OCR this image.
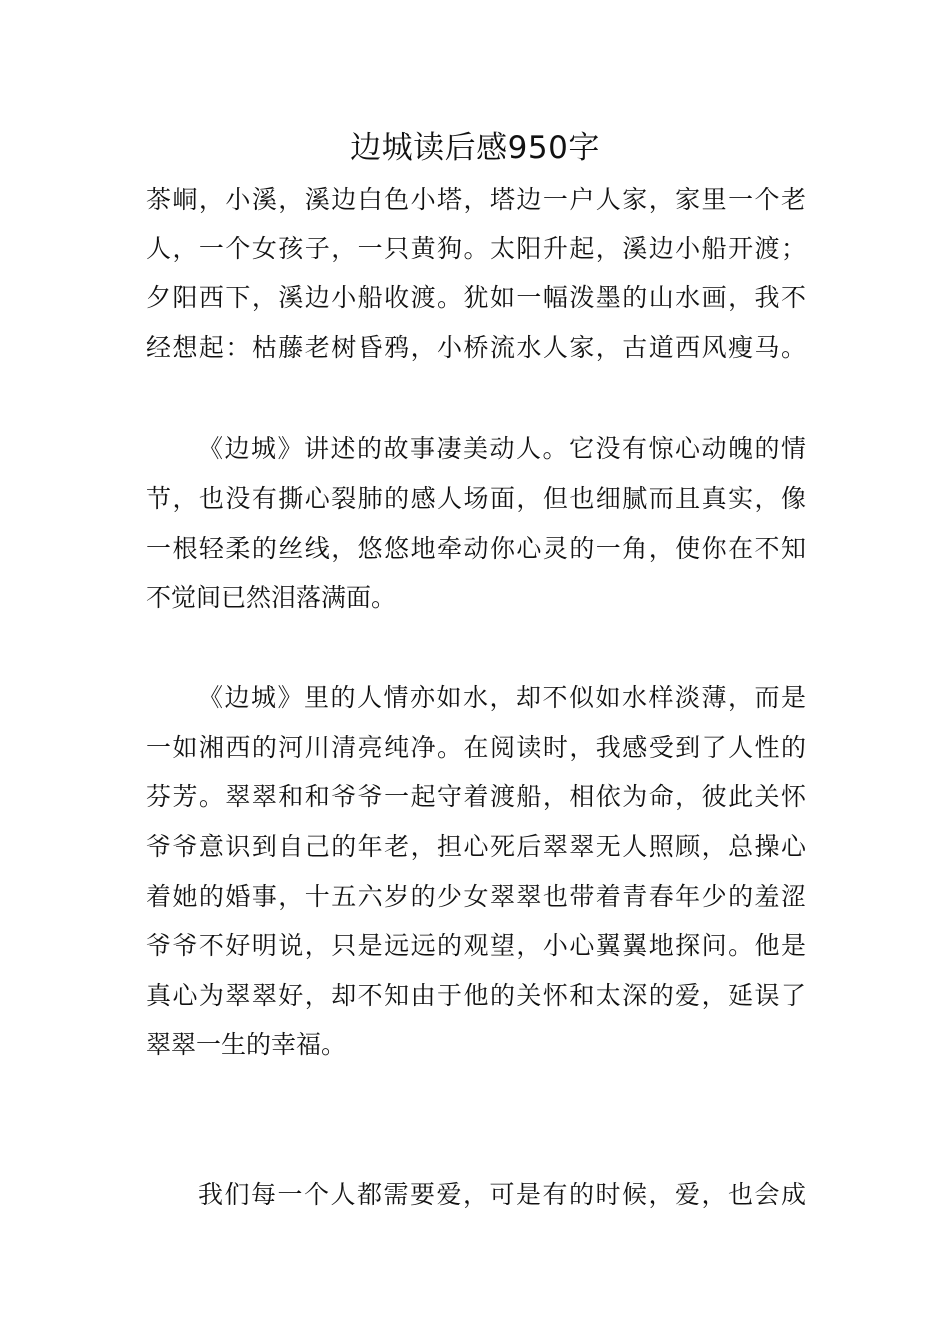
边城读后感950字

茶峒，小溪，溪边白色小塔，塔边一户人家，家里一个老

人，一个女孩子，一只黄狗。太阳升起，溪边小船开渡；

夕阳西下，溪边小船收渡。犹如一幅泼墨的山水画，我不

经想起：枯藤老树昏鸦，小桥流水人家，古道西风瘦马。

《边城》讲述的故事凄美动人。它没有惊心动魄的情

节，也没有撕心裂肺的感人场面，但也细腻而且真实，像

一根轻柔的丝线，悠悠地牵动你心灵的一角，使你在不知

不觉间已然泪落满面。

《边城》里的人情亦如水，却不似如水样淡薄，而是

一如湘西的河川清亮纯净。在阅读时，我感受到了人性的

芬芳。翠翠和和爷爷一起守着渡船，相依为命，彼此关怀

爷爷意识到自己的年老，担心死后翠翠无人照顾，总操心

着她的婚事，十五六岁的少女翠翠也带着青春年少的羞涩

爷爷不好明说，只是远远的观望，小心翼翼地探问。他是

真心为翠翠好，却不知由于他的关怀和太深的爱，延误了

翠翠一生的幸福。

我们每一个人都需要爱，可是有的时候，爱，也会成
